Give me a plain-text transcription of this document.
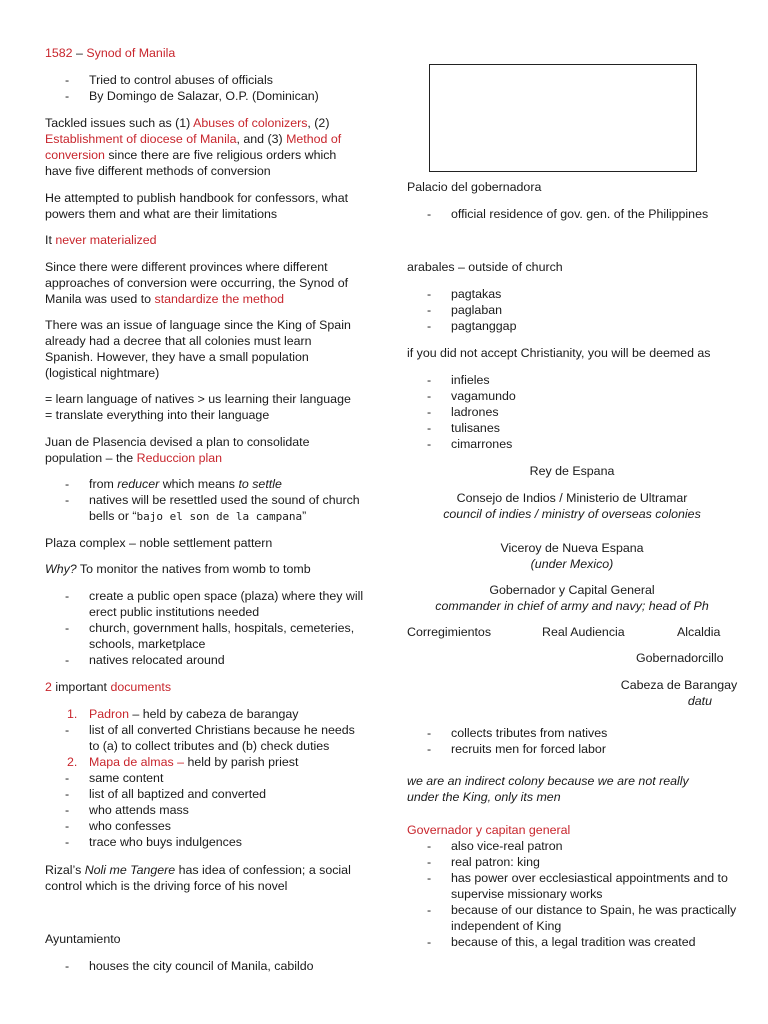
1582 – Synod of Manila
- Tried to control abuses of officials
- By Domingo de Salazar, O.P. (Dominican)
Tackled issues such as (1) Abuses of colonizers, (2) Establishment of diocese of Manila, and (3) Method of conversion since there are five religious orders which have five different methods of conversion
He attempted to publish handbook for confessors, what powers them and what are their limitations
It never materialized
Since there were different provinces where different approaches of conversion were occurring, the Synod of Manila was used to standardize the method
There was an issue of language since the King of Spain already had a decree that all colonies must learn Spanish. However, they have a small population (logistical nightmare)
= learn language of natives > us learning their language
= translate everything into their language
Juan de Plasencia devised a plan to consolidate population – the Reduccion plan
- from reducer which means to settle
- natives will be resettled used the sound of church bells or “bajo el son de la campana”
Plaza complex – noble settlement pattern
Why? To monitor the natives from womb to tomb
- create a public open space (plaza) where they will erect public institutions needed
- church, government halls, hospitals, cemeteries, schools, marketplace
- natives relocated around
2 important documents
1. Padron – held by cabeza de barangay
- list of all converted Christians because he needs to (a) to collect tributes and (b) check duties
2. Mapa de almas – held by parish priest
- same content
- list of all baptized and converted
- who attends mass
- who confesses
- trace who buys indulgences
Rizal’s Noli me Tangere has idea of confession; a social control which is the driving force of his novel
Ayuntamiento
- houses the city council of Manila, cabildo
Palacio del gobernadora
- official residence of gov. gen. of the Philippines
arabales – outside of church
- pagtakas
- paglaban
- pagtanggap
if you did not accept Christianity, you will be deemed as
- infieles
- vagamundo
- ladrones
- tulisanes
- cimarrones
Rey de Espana
Consejo de Indios / Ministerio de Ultramar
council of indies / ministry of overseas colonies
Viceroy de Nueva Espana
(under Mexico)
Gobernador y Capital General
commander in chief of army and navy; head of Ph
Corregimientos	Real Audiencia	Alcaldia
Gobernadorcillo
Cabeza de Barangay
datu
- collects tributes from natives
- recruits men for forced labor
we are an indirect colony because we are not really under the King, only its men
Governador y capitan general
- also vice-real patron
- real patron: king
- has power over ecclesiastical appointments and to supervise missionary works
- because of our distance to Spain, he was practically independent of King
- because of this, a legal tradition was created
